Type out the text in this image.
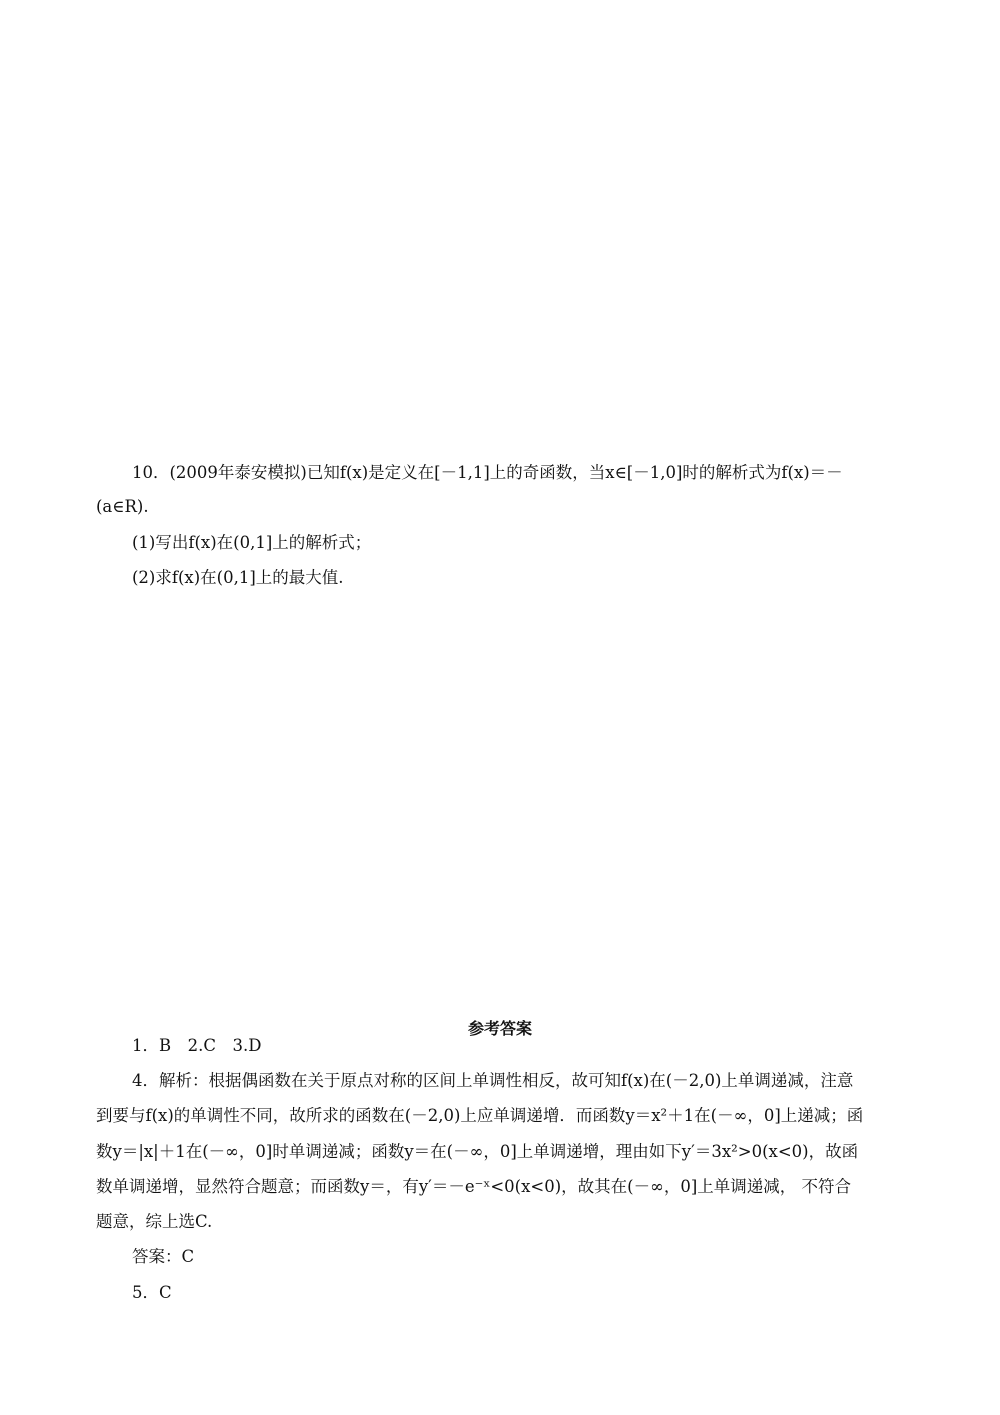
10．(2009年泰安模拟)已知f(x)是定义在[－1,1]上的奇函数，当x∈[－1,0]时的解析式为f(x)＝－
(a∈R).
(1)写出f(x)在(0,1]上的解析式；
(2)求f(x)在(0,1]上的最大值.
参考答案
1．B　2.C　3.D
4．解析：根据偶函数在关于原点对称的区间上单调性相反，故可知f(x)在(－2,0)上单调递减，注意
到要与f(x)的单调性不同，故所求的函数在(－2,0)上应单调递增．而函数y＝x²＋1在(－∞，0]上递减；函
数y＝|x|＋1在(－∞，0]时单调递减；函数y＝在(－∞，0]上单调递增，理由如下y′＝3x²>0(x<0)，故函
数单调递增，显然符合题意；而函数y＝，有y′＝－e⁻ˣ<0(x<0)，故其在(－∞，0]上单调递减， 不符合
题意，综上选C.
答案：C
5．C
